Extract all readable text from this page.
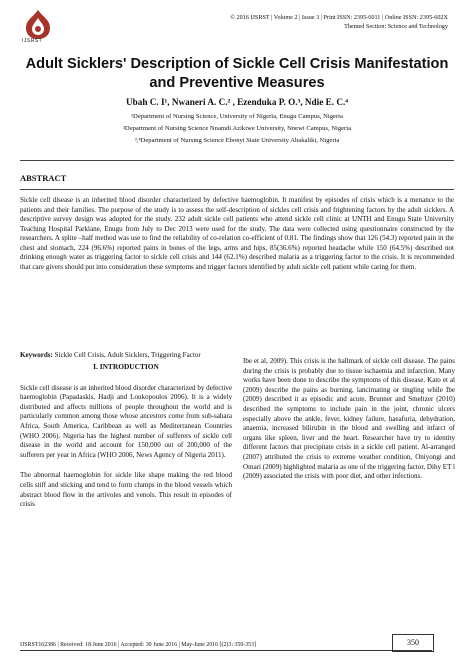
IJSRST
© 2016 IJSRST | Volume 2 | Issue 3 | Print ISSN: 2395-6011 | Online ISSN: 2395-602X
Themed Section: Science and Technology
Adult Sicklers' Description of Sickle Cell Crisis Manifestation and Preventive Measures
Ubah C. I¹, Nwaneri A. C.² , Ezenduka P. O.³, Ndie E. C.⁴
¹Department of Nursing Science, University of Nigeria, Enugu Campus, Nigeria
²Department of Nursing Science Nnamdi Azikiwe University, Nnewi Campus, Nigeria
³,⁴Department of Nursing Science Ebonyi State University Abakaliki, Nigeria
ABSTRACT
Sickle cell disease is an inherited blood disorder characterized by defective haemoglobin. It manifest by episodes of crisis which is a menance to the patients and their families. The purpose of the study is to assess the self-description of sickles cell crisis and frightening factors by the adult sicklers. A descriptive survey design was adopted for the study. 232 adult sickle cell patients who attend sickle cell clinic at UNTH and Enugu State University Teaching Hospital Parklane, Enugu from July to Dec 2013 were used for the study. The data were collected using questionnaire constructed by the researchers. A splite –half method was use to find the reliability of co-relation co-efficient of 0.81. The findings show that 126 (54.3) reported pain in the chest and stomach, 224 (96.6%) reported pains in bones of the legs, arms and hips, 85(36.6%) reported headache while 150 (64.5%) described not drinking enough water as triggering factor to sickle cell crisis and 144 (62.1%) described malaria as a triggering factor to the crisis. It is recommended that care givers should put into consideration these symptoms and trigger factors identified by adult sickle cell patient while caring for them.
Keywords: Sickle Cell Crisis, Adult Sicklers, Triggering Factor
I. INTRODUCTION

Sickle cell disease is an inherited blood disorder characterized by defective haemoglobin (Papadaskis, Hadji and Loukopoulos 2006). It is a widely distributed and affects millions of people throughout the world and is particularly common among those whose ancestors come from sub-sahara Africa, South America, Caribbean as well as Mediterranean Countries (WHO 2006). Nigeria has the highest number of sufferers of sickle cell disease in the world and account for 150,000 out of 200,000 of the sufferers per year in Africa (WHO 2006, News Agency of Nigeria 2011).

The abnormal haemoglobin for sickle like shape making the red blood cells stiff and sticking and tend to form clumps in the blood vessels which abstract blood flow in the artivoles and venols. This result in episodes of crisis

Ibe et al, 2009). This crisis is the hallmark of sickle cell disease. The pains during the crisis is probably due to tissue ischaemia and infarction. Many works have been done to describe the symptoms of this disease. Kato et al (2009) describe the pains as burning, lancimating or tingling while Ibe (2009) described it as episodic and acute. Brunner and Smeltzer (2010) described the symptoms to include pain in the joint, chronic ulcers especially above the ankle, fever, kidney failure, haeafuria, dehydration, anaemia, increased bilirubin in the blood and swelling and infarct of organs like spleen, liver and the heart. Researcher have try to identity different factors that precipitate crisis in a sickle cell patient. Al-arranged (2007) attributed the crisis to extreme weather condition, Oniyongi and Omari (2009) highlighted malaria as one of the triggering factor, Dihy ET l (2009) associated the crisis with poor diet, and other infections.

IJSRST162386 | Received: 18 June 2016 | Accepted: 30 June 2016 | May-June 2016 [(2)3: 350-353]	350
